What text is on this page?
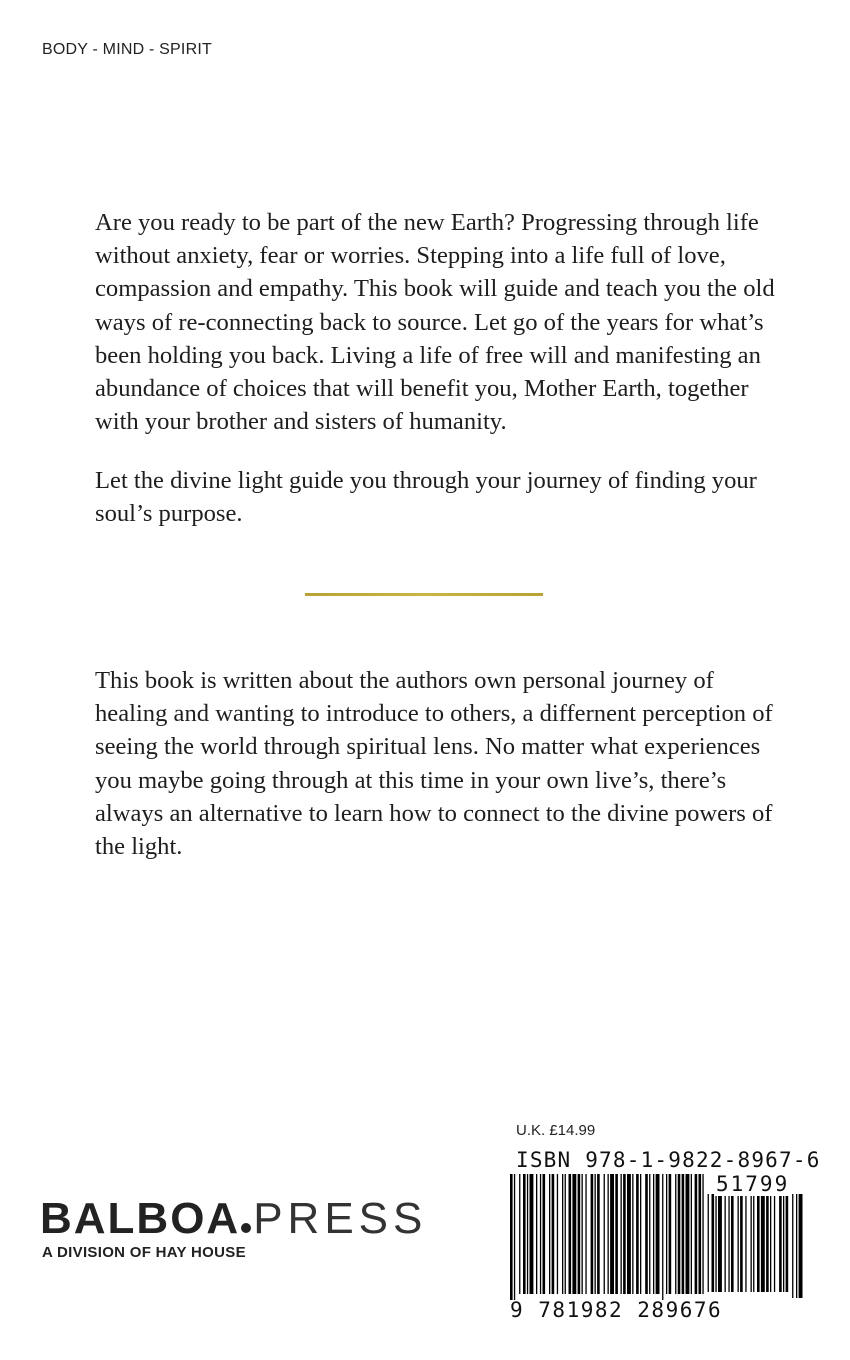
BODY - MIND - SPIRIT

Are you ready to be part of the new Earth? Progressing through life without anxiety, fear or worries. Stepping into a life full of love, compassion and empathy. This book will guide and teach you the old ways of re-connecting back to source. Let go of the years for what’s been holding you back. Living a life of free will and manifesting an abundance of choices that will benefit you, Mother Earth, together with your brother and sisters of humanity.

Let the divine light guide you through your journey of finding your soul’s purpose.

This book is written about the authors own personal journey of healing and wanting to introduce to others, a differnent perception of seeing the world through spiritual lens. No matter what experiences you maybe going through at this time in your own live’s, there’s always an alternative to learn how to connect to the divine powers of the light.

BALBOA PRESS
A DIVISION OF HAY HOUSE
U.K. £14.99
ISBN 978-1-9822-8967-6
51799
9 781982 289676
